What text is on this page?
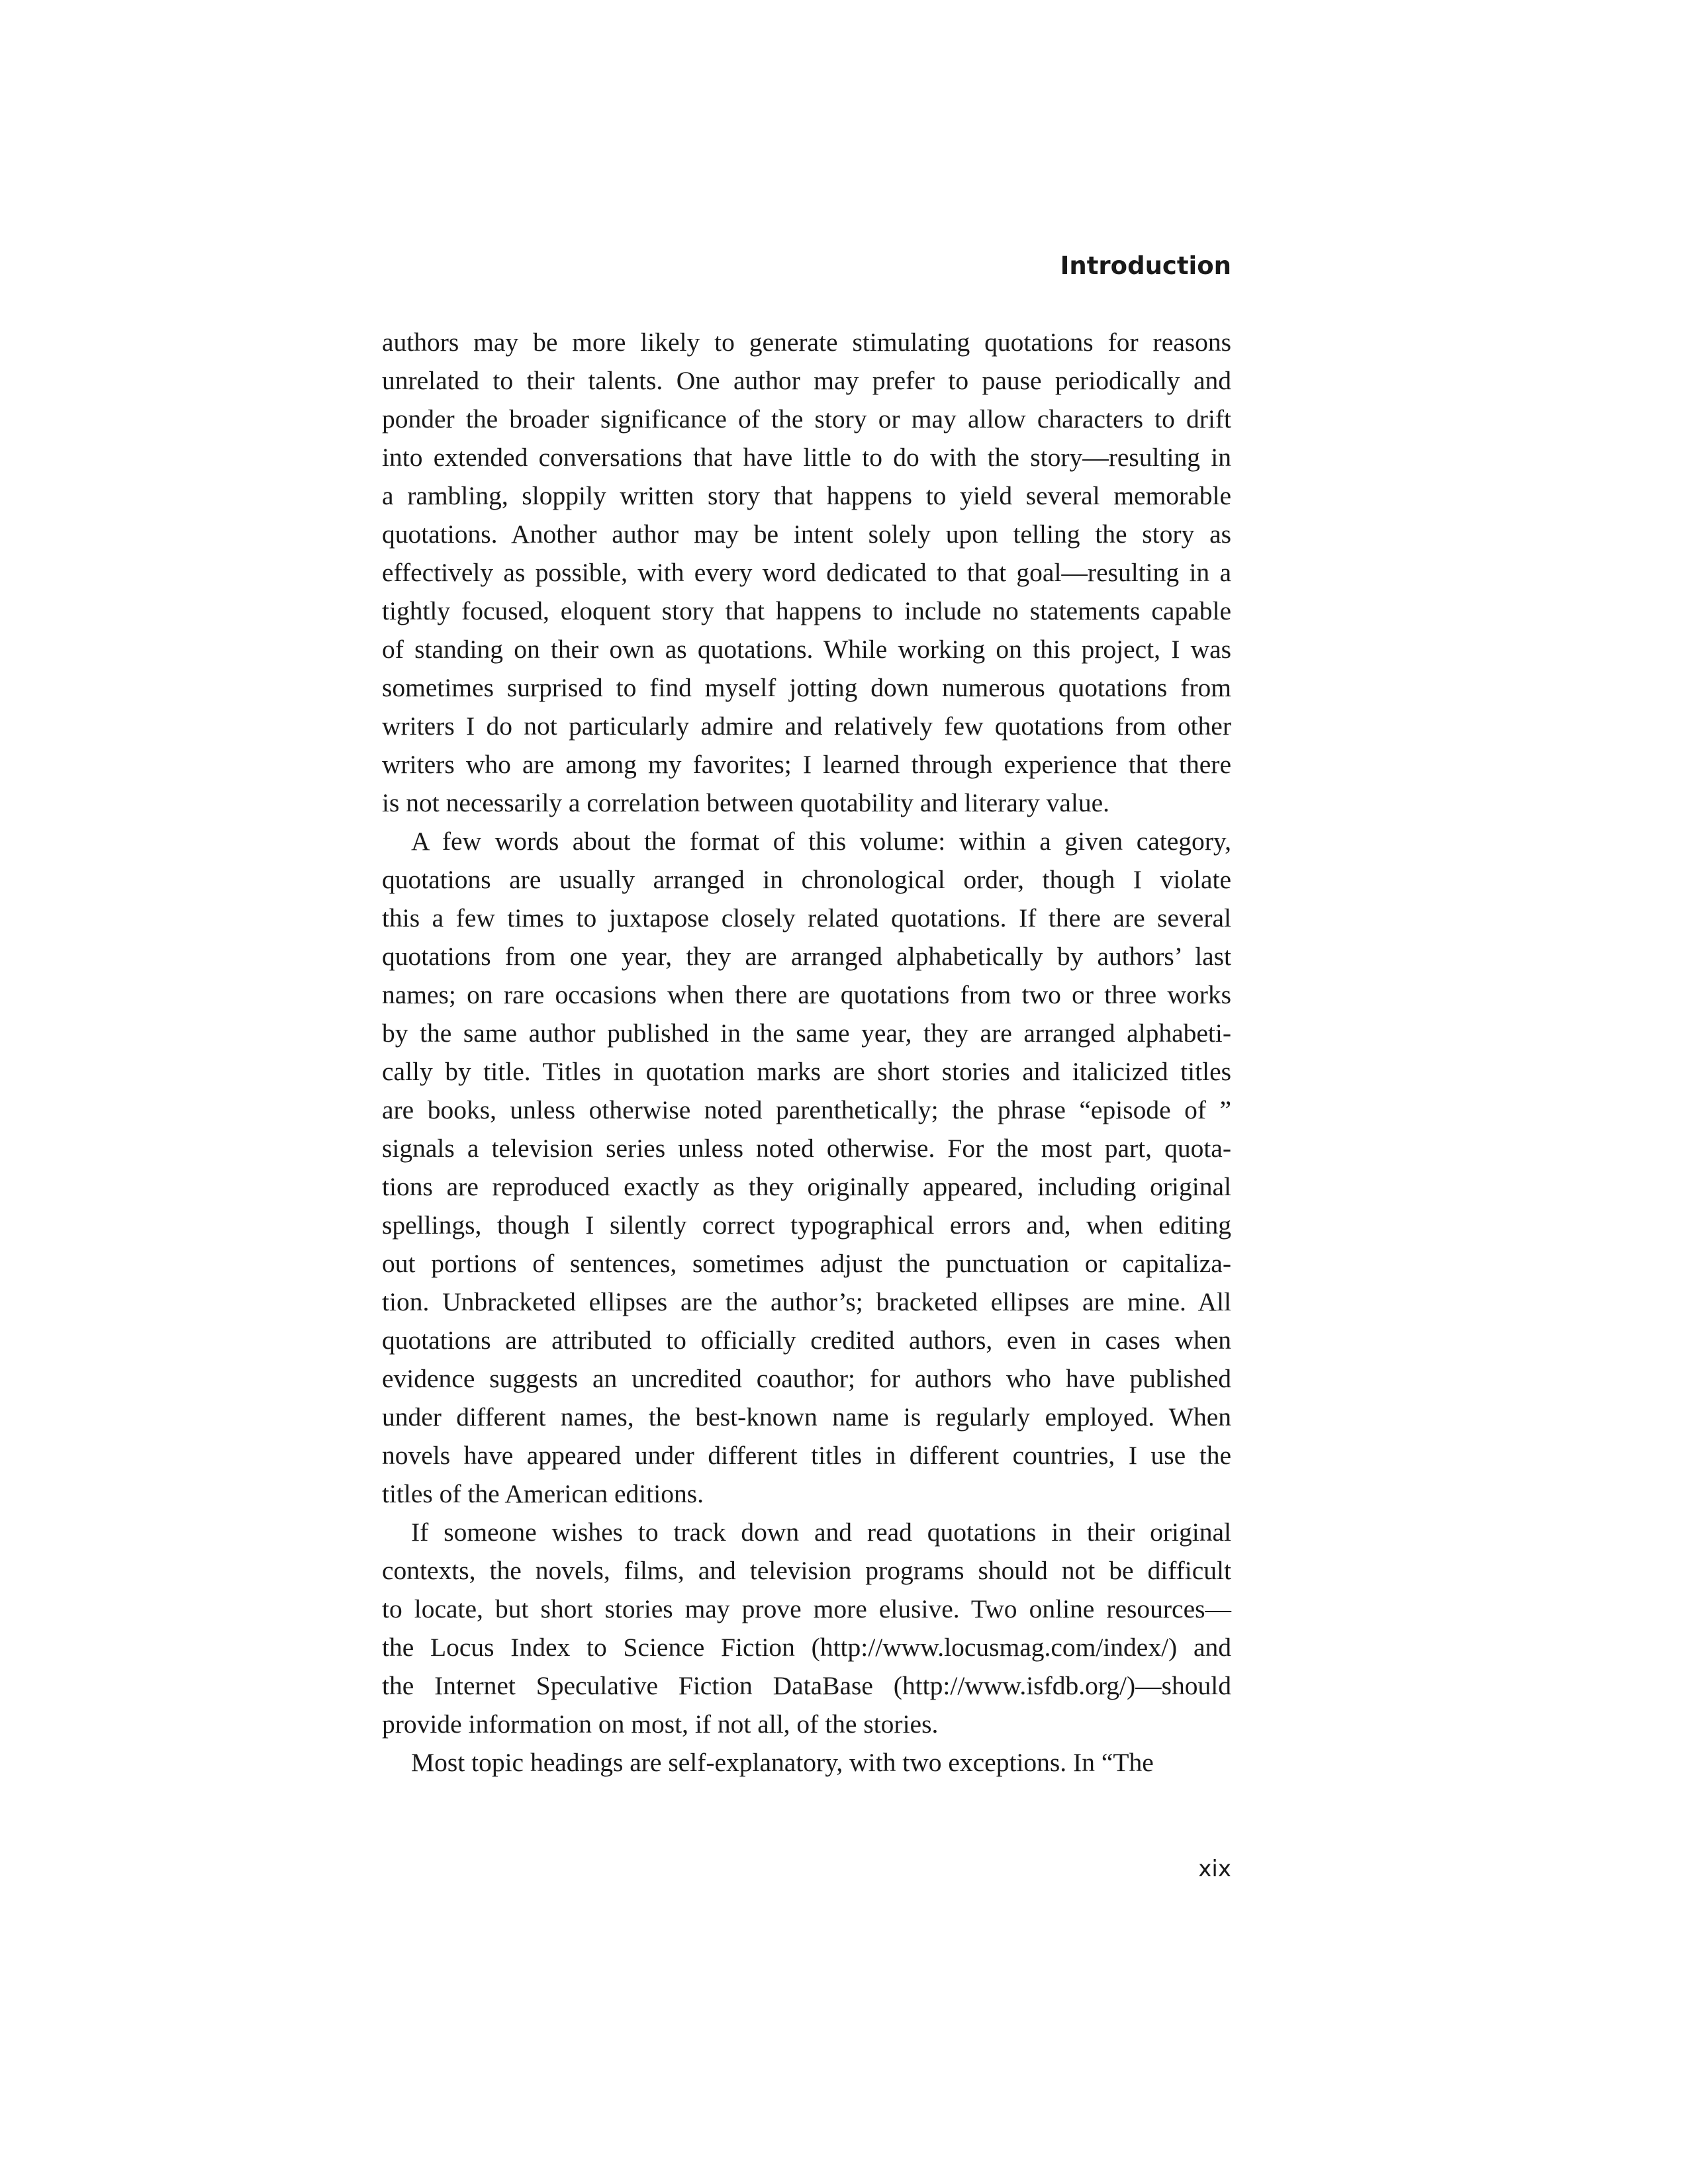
Introduction
authors may be more likely to generate stimulating quotations for reasons
unrelated to their talents. One author may prefer to pause periodically and
ponder the broader significance of the story or may allow characters to drift
into extended conversations that have little to do with the story—resulting in
a rambling, sloppily written story that happens to yield several memorable
quotations. Another author may be intent solely upon telling the story as
effectively as possible, with every word dedicated to that goal—resulting in a
tightly focused, eloquent story that happens to include no statements capable
of standing on their own as quotations. While working on this project, I was
sometimes surprised to find myself jotting down numerous quotations from
writers I do not particularly admire and relatively few quotations from other
writers who are among my favorites; I learned through experience that there
is not necessarily a correlation between quotability and literary value.
A few words about the format of this volume: within a given category,
quotations are usually arranged in chronological order, though I violate
this a few times to juxtapose closely related quotations. If there are several
quotations from one year, they are arranged alphabetically by authors’ last
names; on rare occasions when there are quotations from two or three works
by the same author published in the same year, they are arranged alphabeti-
cally by title. Titles in quotation marks are short stories and italicized titles
are books, unless otherwise noted parenthetically; the phrase “episode of ”
signals a television series unless noted otherwise. For the most part, quota-
tions are reproduced exactly as they originally appeared, including original
spellings, though I silently correct typographical errors and, when editing
out portions of sentences, sometimes adjust the punctuation or capitaliza-
tion. Unbracketed ellipses are the author’s; bracketed ellipses are mine. All
quotations are attributed to officially credited authors, even in cases when
evidence suggests an uncredited coauthor; for authors who have published
under different names, the best-known name is regularly employed. When
novels have appeared under different titles in different countries, I use the
titles of the American editions.
If someone wishes to track down and read quotations in their original
contexts, the novels, films, and television programs should not be difficult
to locate, but short stories may prove more elusive. Two online resources—
the Locus Index to Science Fiction (http://www.locusmag.com/index/) and
the Internet Speculative Fiction DataBase (http://www.isfdb.org/)—should
provide information on most, if not all, of the stories.
Most topic headings are self-explanatory, with two exceptions. In “The
xix
